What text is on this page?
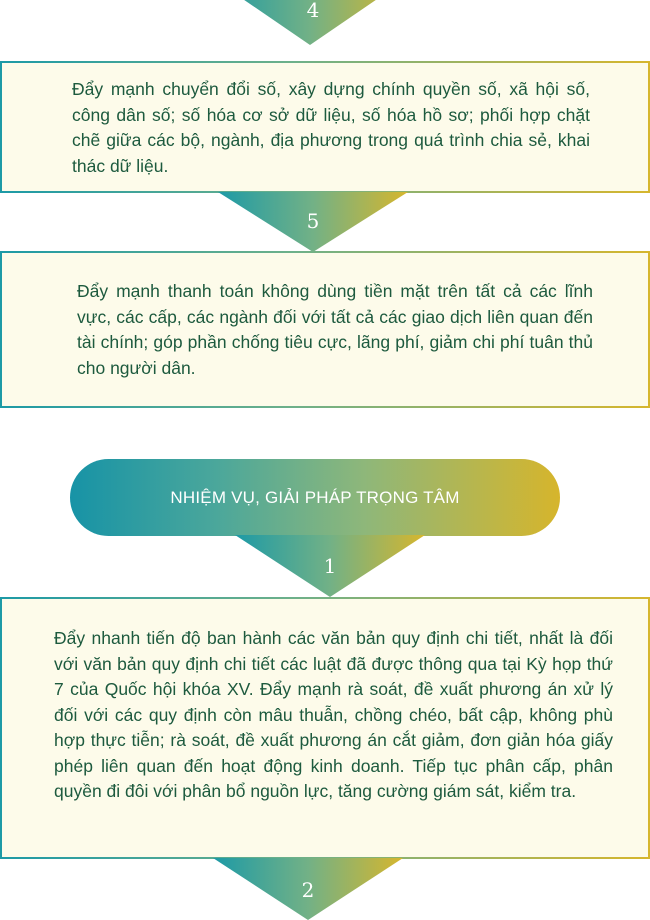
4

Đẩy mạnh chuyển đổi số, xây dựng chính quyền số, xã hội số, công dân số; số hóa cơ sở dữ liệu, số hóa hồ sơ; phối hợp chặt chẽ giữa các bộ, ngành, địa phương trong quá trình chia sẻ, khai thác dữ liệu.

5

Đẩy mạnh thanh toán không dùng tiền mặt trên tất cả các lĩnh vực, các cấp, các ngành đối với tất cả các giao dịch liên quan đến tài chính; góp phần chống tiêu cực, lãng phí, giảm chi phí tuân thủ cho người dân.

NHIỆM VỤ, GIẢI PHÁP TRỌNG TÂM
1

Đẩy nhanh tiến độ ban hành các văn bản quy định chi tiết, nhất là đối với văn bản quy định chi tiết các luật đã được thông qua tại Kỳ họp thứ 7 của Quốc hội khóa XV. Đẩy mạnh rà soát, đề xuất phương án xử lý đối với các quy định còn mâu thuẫn, chồng chéo, bất cập, không phù hợp thực tiễn; rà soát, đề xuất phương án cắt giảm, đơn giản hóa giấy phép liên quan đến hoạt động kinh doanh. Tiếp tục phân cấp, phân quyền đi đôi với phân bổ nguồn lực, tăng cường giám sát, kiểm tra.

2
